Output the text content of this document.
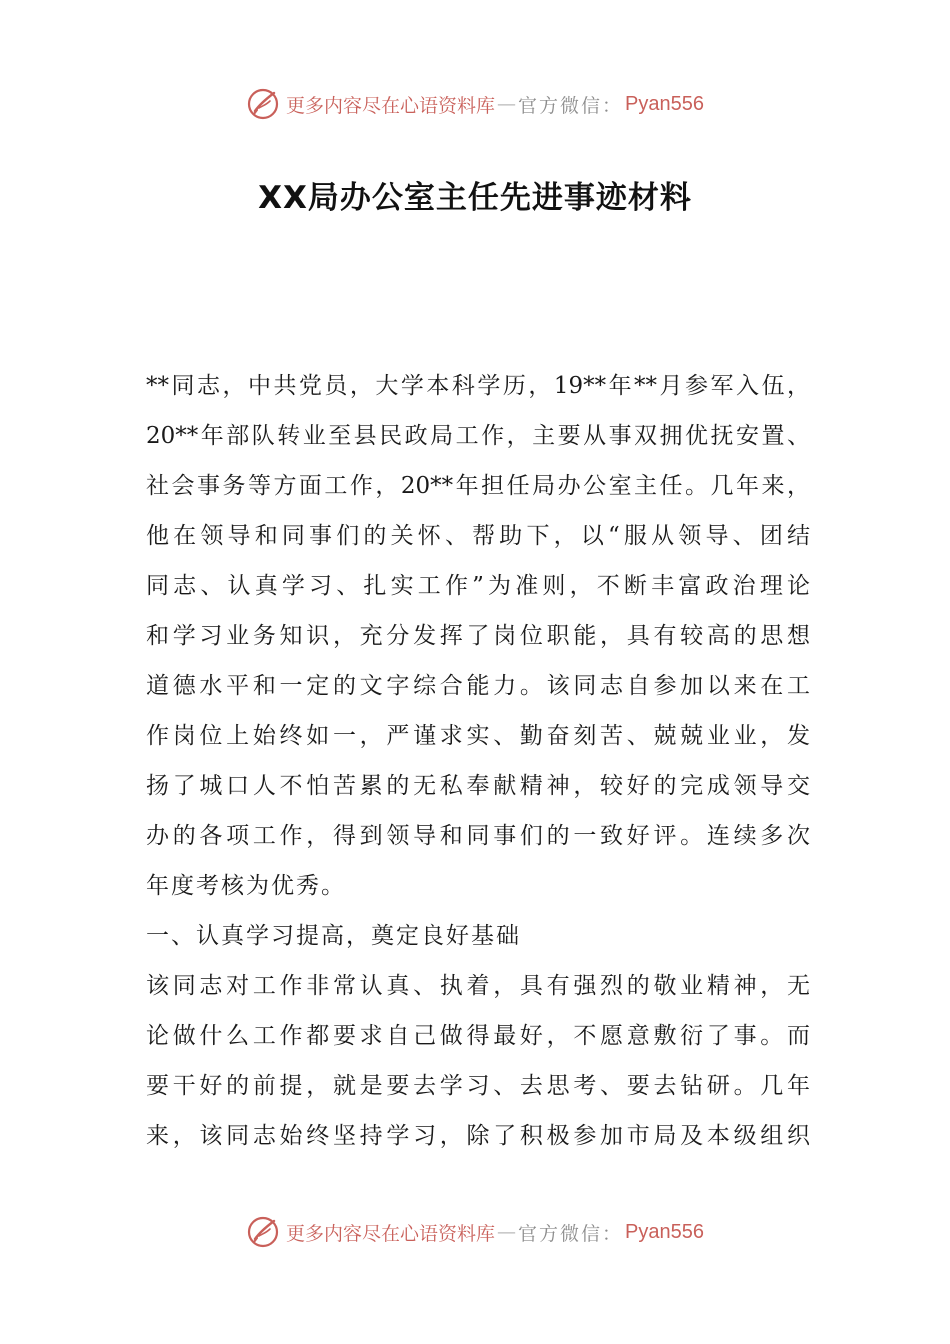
更多内容尽在心语资料库 — 官方微信： Pyan556
XX局办公室主任先进事迹材料
**同志，中共党员，大学本科学历，19**年**月参军入伍，
20**年部队转业至县民政局工作，主要从事双拥优抚安置、
社会事务等方面工作，20**年担任局办公室主任。几年来，
他在领导和同事们的关怀、帮助下，以“服从领导、团结
同志、认真学习、扎实工作”为准则，不断丰富政治理论
和学习业务知识，充分发挥了岗位职能，具有较高的思想
道德水平和一定的文字综合能力。该同志自参加以来在工
作岗位上始终如一，严谨求实、勤奋刻苦、兢兢业业，发
扬了城口人不怕苦累的无私奉献精神，较好的完成领导交
办的各项工作，得到领导和同事们的一致好评。连续多次
年度考核为优秀。
一、认真学习提高，奠定良好基础
该同志对工作非常认真、执着，具有强烈的敬业精神，无
论做什么工作都要求自己做得最好，不愿意敷衍了事。而
要干好的前提，就是要去学习、去思考、要去钻研。几年
来，该同志始终坚持学习，除了积极参加市局及本级组织
更多内容尽在心语资料库 — 官方微信： Pyan556
